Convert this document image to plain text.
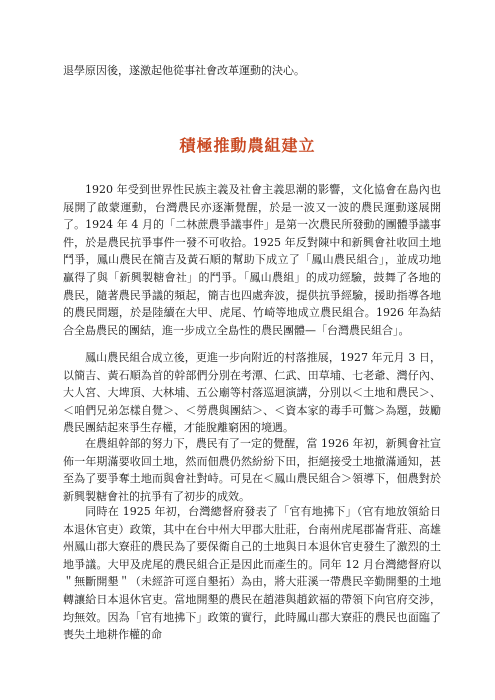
退學原因後，遂激起他從事社會改革運動的決心。

積極推動農組建立

1920 年受到世界性民族主義及社會主義思潮的影響，文化協會在島內也展開了啟蒙運動，台灣農民亦逐漸覺醒，於是一波又一波的農民運動遂展開了。1924 年 4 月的「二林蔗農爭議事件」是第一次農民所發動的團體爭議事件，於是農民抗爭事件一發不可收拾。1925 年反對陳中和新興會社收回土地鬥爭，鳳山農民在簡吉及黃石順的幫助下成立了「鳳山農民組合」，並成功地贏得了與「新興製糖會社」的鬥爭。「鳳山農組」的成功經驗，鼓舞了各地的農民，隨著農民爭議的頻起，簡吉也四處奔波，提供抗爭經驗，援助指導各地的農民問題，於是陸續在大甲、虎尾、竹崎等地成立農民組合。1926 年為結合全島農民的團結，進一步成立全島性的農民團體—「台灣農民組合」。

鳳山農民組合成立後，更進一步向附近的村落推展，1927 年元月 3 日，以簡吉、黃石順為首的幹部們分別在考潭、仁武、田草埔、七老爺、灣仔內、大人宮、大埤頂、大林埔、五公廟等村落巡迴演講，分別以＜土地和農民＞、＜咱們兄弟怎樣自覺＞、＜勞農與團結＞、＜資本家的毒手可鷩＞為題，鼓勵農民團結起來爭生存權，才能脫離窮困的境遇。

在農組幹部的努力下，農民有了一定的覺醒，當 1926 年初，新興會社宣佈一年期滿要收回土地，然而佃農仍然紛紛下田，拒絕接受土地撤滿通知，甚至為了要爭奪土地而與會社對峙。可見在＜鳳山農民組合＞領導下，佃農對於新興製糖會社的抗爭有了初步的成效。

同時在 1925 年初，台灣總督府發表了「官有地拂下」（官有地放領給日本退休官吏）政策，其中在台中州大甲郡大肚莊，台南州虎尾郡崙背莊、高雄州鳳山郡大寮莊的農民為了要保衛自己的土地與日本退休官吏發生了激烈的土地爭議。大甲及虎尾的農民組合正是因此而產生的。同年 12 月台灣總督府以＂無斷開墾＂（未經許可逕自墾拓）為由，將大莊溪一帶農民辛勤開墾的土地轉讓給日本退休官吏。當地開墾的農民在趙港與趙欽福的帶領下向官府交涉，均無效。因為「官有地拂下」政策的實行，此時鳳山郡大寮莊的農民也面臨了喪失土地耕作權的命
